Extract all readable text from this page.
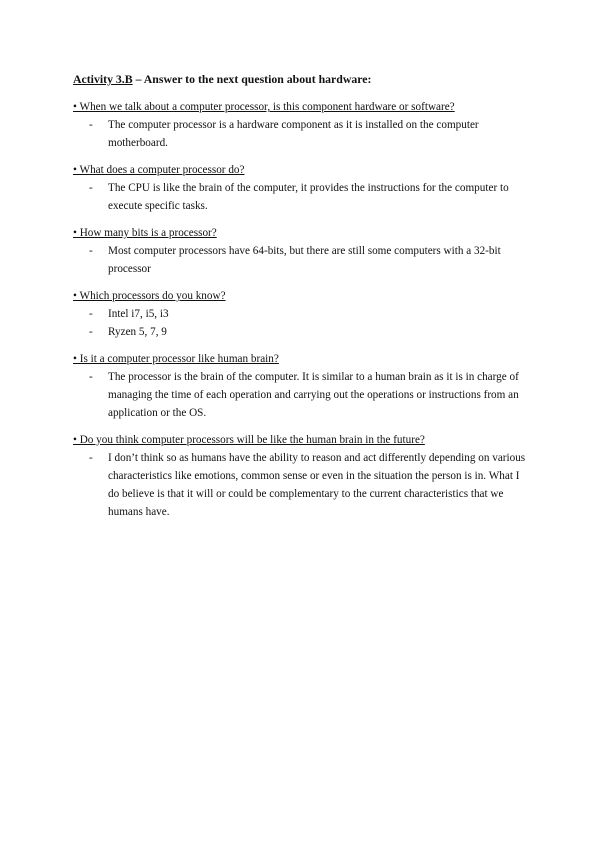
Activity 3.B – Answer to the next question about hardware:

• When we talk about a computer processor, is this component hardware or software?

- The computer processor is a hardware component as it is installed on the computer motherboard.

• What does a computer processor do?

- The CPU is like the brain of the computer, it provides the instructions for the computer to execute specific tasks.

• How many bits is a processor?

- Most computer processors have 64-bits, but there are still some computers with a 32-bit processor

• Which processors do you know?

- Intel i7, i5, i3
- Ryzen 5, 7, 9

• Is it a computer processor like human brain?

- The processor is the brain of the computer. It is similar to a human brain as it is in charge of managing the time of each operation and carrying out the operations or instructions from an application or the OS.

• Do you think computer processors will be like the human brain in the future?

- I don’t think so as humans have the ability to reason and act differently depending on various characteristics like emotions, common sense or even in the situation the person is in. What I do believe is that it will or could be complementary to the current characteristics that we humans have.
